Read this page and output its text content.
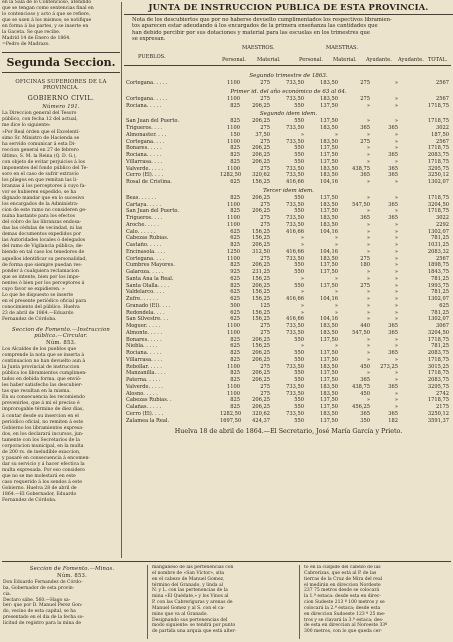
en la Sala de lo Contencioso, atendido

que se tengan como sentencias final en

lo contencioso y acto á que se refiere,

que se usen á los mismos; se notifique

en forma á las partes, y se inserte en

la Gaceta. Se que recibe.

Madrid 14 de Enero de 1864.

=Pedro de Madrazo.

Segunda Seccion.
OFICINAS SUPERIORES DE LA PROVINCIA.
GOBIERNO CIVIL.
Número 191.

La Direccion general del Tesoro

público, con fecha 12 del actual,

me dice lo siguiente:

»Por Real órden que el Excelentí-

simo Sr. Ministro de Hacienda se

ha servido comunicar á esta Di-

reccion general en 27 de febrero

último, S. M. la Reina (Q. D. G.),

con objeto de evitar perjuicios á los

imponentes del fondo público del Te-

soro en el caso de sufrir extravío

los pliegos en que remitan las li-

branzas á los perceptores á cuyo fa-

vor se hubieren expedido, se ha

dignado mandar que en lo sucesivo

los encargados de la Administra-

cion de este ramo no consideren ge-

nuina bastante para los efectos

del cobro de las libranzas endosa-

das las cédulas de vecindad, ni las

demas documentos expedidos por

las Autoridades locales ó delegados

del ramo de Vigilancia pública; de-

biendo en tal caso los tenedores de

aquellos identificar su personalidad,

de forma que siempre puedan res-

ponder á cualquiera reclamacion

que se intente, bien por los impo-

nentes ó bien por los perceptores á

cuyo favor se expidieren. »

Lo que he dispuesto se inserte

en el presente periódico oficial para

conocimiento del público. Huelva

23 de abril de 1864.—Eduardo

Fernandez de Córdoba.

Seccion de Fomento.—Instruccion pública.—Circular.
Núm. 853.

Los Alcaldes de los pueblos que

comprende la nota que se inserta á

continuacion no han devuelto aun á

la Junta provincial de instruccion

pública los libramientos cumplimen-

tados en debida forma, que envió-

les haber satisfecho las descubier-

tas que resultan en la misma.

En su consecuencia les recomiendo

prevenirles, que á mi el preciso é

improrogable término de diez días,

á contar desde su insercion en el

periódico oficial, no remiten á este

Gobierno los libramientos expresa-

dos, en los declarará incursos, jun-

tamente con los Secretarios de la

corporacion municipal, en la multa

de 200 rs. de ineludible exaccion,

y pasaré en consecuencia á encomen-

dar su servicio y á hacer efectiva la

multa expresada. Por eso considero

que no se me molestará en este

caso requerido á los sendos á este

Gobierno. Huelva 28 de abril de

1864.—El Gobernador, Eduardo

Fernandez de Córdoba.

JUNTA DE INSTRUCCION PUBLICA DE ESTA PROVINCIA.

Nota de los descubiertos que por no haberse devuelto cumplimentados los respectivos libramien-

tos aparecen estar adeudando á los encargados de la primera enseñanza las cantidades que

han debido percibir por sus dotaciones y material para las escuelas en los trimestres que

se expresan.

PUEBLOS.
MAESTROS.	MAESTRAS.
Personal. Material.	Personal. Material. Ayudante. Ayudante. TOTAL.
Segundo trimestre de 1863.
Cortegana. . . . .	1100	275	733,50	183,50	275	»	2567
Primer id. del año económico de 63 al 64.
Cortegana. . . . .	1100	275	733,50	183,50	275	»	2567
Rociana. . . . .	825	206,25	550	137,50	»	»	1718,75
Segundo idem idem.
San Juan del Puerto.	825	206,25	550	137,50	»	»	1718,75
Trigueros. . . .	1100	275	733,50	183,50	365	365	3022
Almonaster. . . .	150	37,50	»	»	»	»	187,50
Cortegana. . . .	1100	275	733,50	183,50	275	»	2567
Bonares. . . . .	825	206,25	550	137,50	»	»	1718,75
Rociana. . . . .	825	206,25	550	137,50	»	365	2083,75
Villarrasa. . . .	825	206,25	550	137,50	»	»	1718,75
Valverde. . . . .	1100	275	733,50	183,50	438,75	365	3295,75
Cerro (El). . . .	1282,50	320,62	733,50	183,50	365	365	3250,12
Rosal de Cristina.	625	156,25	416,66	104,16	»	»	1302,07
Tercer idem idem.
Beas. . . . . .	825	206,25	550	137,50	»	»	1718,75
Cartaya. . . . .	1100	275	733,50	183,50	547,50	365	3204,50
San Juan del Puerto.	825	206,25	550	137,50	»	»	1718,75
Trigueros. . . .	1100	275	733,50	183,50	365	365	3022
Aroche. . . . .	1100	275	733,50	183,50	»	»	2292
Calo. . . . . .	625	156,25	416,66	104,16	»	»	1302,07
Cabezas Rubias.	625	156,25	»	»	»	»	781,25
Castaño. . . . .	825	206,25	»	»	»	»	1031,25
Encinasola. . . .	1250	312,50	416,66	104,16	»	»	2083,32
Cortegana. . . .	1100	275	733,50	183,50	275	»	2567
Cumbres Mayores.	825	206,25	550	137,50	180	»	1898,75
Galaroza. . . . .	925	231,25	550	137,50	»	»	1843,75
Santa Ana la Real.	625	156,25	»	»	»	»	781,25
Santa Olalla. . . .	825	206,25	550	137,50	275	»	1993,75
Valdelarco. . . .	625	156,25	»	»	»	»	781,25
Zufre. . . . . .	625	156,25	416,66	104,16	»	»	1302,07
Granado (El). . . .	500	125	»	»	»	»	625
Redondela. . . .	625	156,25	»	»	»	»	781,25
San Silvestre. . .	625	156,25	416,66	104,16	»	»	1302,07
Moguer. . . . .	1100	275	733,50	183,50	440	365	3067
Almonte. . . . .	1100	275	733,50	183,50	547,50	365	3204,50
Bonares. . . . .	825	206,25	550	137,50	»	»	1718,75
Niebla. . . . .	625	156,25	»	»	»	»	781,25
Rociana. . . . .	825	206,25	550	137,50	»	365	2083,75
Villarrasa. . . .	825	206,25	550	137,50	»	»	1718,75
Rebollar. . . . .	1100	275	733,50	183,50	450	273,25	3015,25
Manzanilla. . . .	825	206,25	550	137,50	»	»	1718,75
Paterna. . . . .	825	206,25	550	137,50	365	»	2083,75
Valverde. . . . .	1100	275	733,50	183,50	438,75	365	3295,75
Alosno. . . . .	1100	275	733,50	183,50	450	»	2742
Cabezas Rubias. .	825	206,25	550	137,50	»	»	1718,75
Calañas. . . . .	825	206,25	550	137,50	456,25	»	2175
Cerro (El). . . .	1282,50	320,62	733,50	183,50	365	365	3250,12
Zalamea la Real.	1697,50	424,37	550	137,50	350	182	3591,37
Huelva 18 de abril de 1864.—El Secretario, José María García y Prieto.
Seccion de Fomento.—Minas.
Núm. 853.

Don Eduardo Fernandez de Córdo-

ba, Gobernador de esta provin-

cia.

Declaro sábe. 560.—Hago sa-

ber: que por D. Manuel Perez Gon-

do, vecino de esta capital, se ha

presentado en el dia de la fecha so-

licitud de registro para la mina de

manganeso de las pertenencias con

el nombre de «San Víctor», sita

en el cabezo de Manuel Gomez,

término del Granado, y linda al

N. y L. con las pertenencias de la

mina «El Quédate,» y los Vinos al

P. con las Cabreriguras y arenas de

Manuel Gomez y al S. con el ca-

mino que va al Granado.

Designando sus pertenencias del

modo siguiente: se tendrá por punto

de partida una arquia que está alter-

to en la cúspide del cabezo de las

Cabrerizas, que está al P. de las

tierras de la Cruz de Mira del real

el medirán en direccion Nordeste

237 75 metros desde se colocará

la 1.ª estaca: desde esta en direc-

cion Sudeste 213 º 100 metros y se

colocará la 2.ª estaca; desde esta

en direccion Sudoeste 123 º 25 me-

tros y se clavará la 3.ª estaca; des-

de esta en direccion al Noroeste 33º

300 metros, con lo que queda cer-
